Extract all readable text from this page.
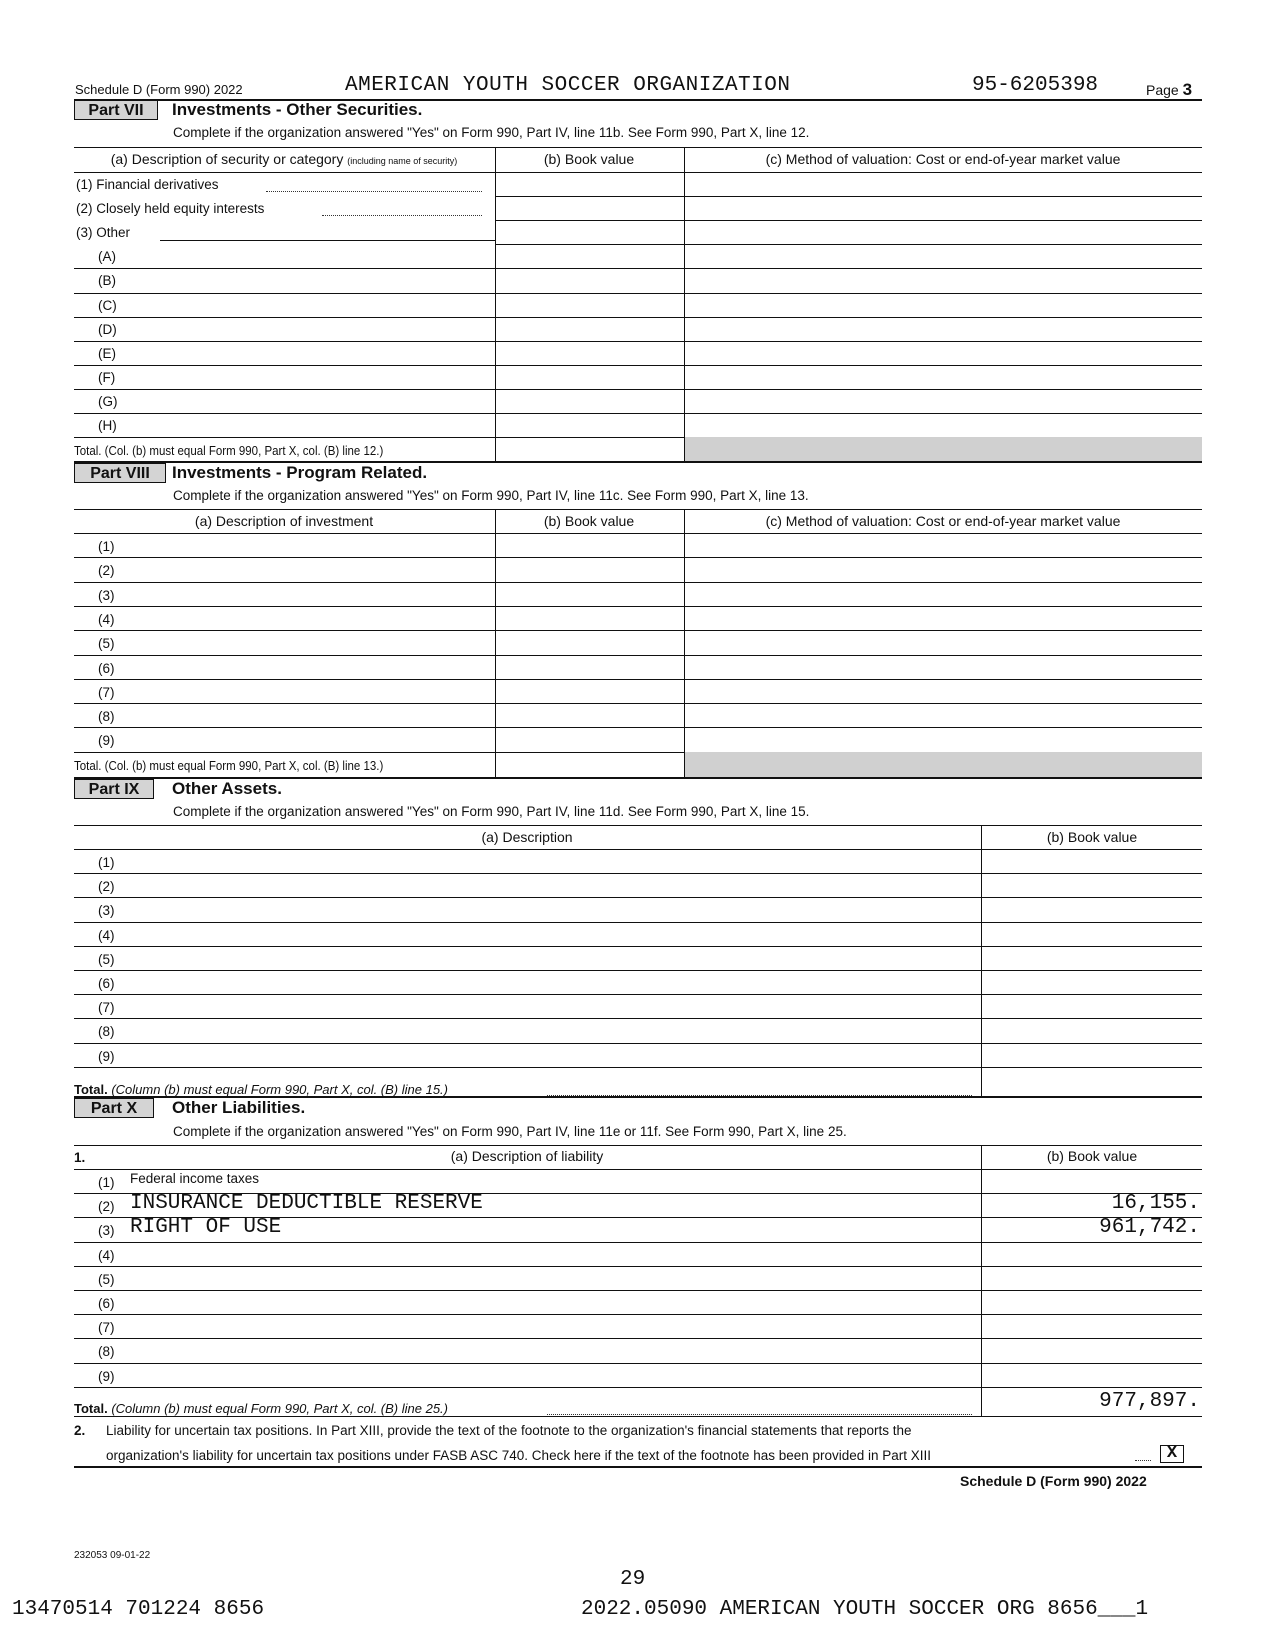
Schedule D (Form 990) 2022	AMERICAN YOUTH SOCCER ORGANIZATION	95-6205398	Page 3
Part VII	Investments - Other Securities.
Complete if the organization answered "Yes" on Form 990, Part IV, line 11b. See Form 990, Part X, line 12.
(a) Description of security or category (including name of security)	(b) Book value	(c) Method of valuation: Cost or end-of-year market value
(1) Financial derivatives
(2) Closely held equity interests
(3) Other
(A)
(B)
(C)
(D)
(E)
(F)
(G)
(H)
Total. (Col. (b) must equal Form 990, Part X, col. (B) line 12.)
Part VIII	Investments - Program Related.
Complete if the organization answered "Yes" on Form 990, Part IV, line 11c. See Form 990, Part X, line 13.
(a) Description of investment	(b) Book value	(c) Method of valuation: Cost or end-of-year market value
(1)
(2)
(3)
(4)
(5)
(6)
(7)
(8)
(9)
Total. (Col. (b) must equal Form 990, Part X, col. (B) line 13.)
Part IX	Other Assets.
Complete if the organization answered "Yes" on Form 990, Part IV, line 11d. See Form 990, Part X, line 15.
(a) Description	(b) Book value
(1)
(2)
(3)
(4)
(5)
(6)
(7)
(8)
(9)
Total. (Column (b) must equal Form 990, Part X, col. (B) line 15.)
Part X	Other Liabilities.
Complete if the organization answered "Yes" on Form 990, Part IV, line 11e or 11f. See Form 990, Part X, line 25.
1.	(a) Description of liability	(b) Book value
(1) Federal income taxes
(2) INSURANCE DEDUCTIBLE RESERVE	16,155.
(3) RIGHT OF USE	961,742.
(4)
(5)
(6)
(7)
(8)
(9)
Total. (Column (b) must equal Form 990, Part X, col. (B) line 25.)	977,897.
2. Liability for uncertain tax positions. In Part XIII, provide the text of the footnote to the organization's financial statements that reports the
organization's liability for uncertain tax positions under FASB ASC 740. Check here if the text of the footnote has been provided in Part XIII	X
Schedule D (Form 990) 2022
232053 09-01-22
29
13470514 701224 8656	2022.05090 AMERICAN YOUTH SOCCER ORG 8656___1
